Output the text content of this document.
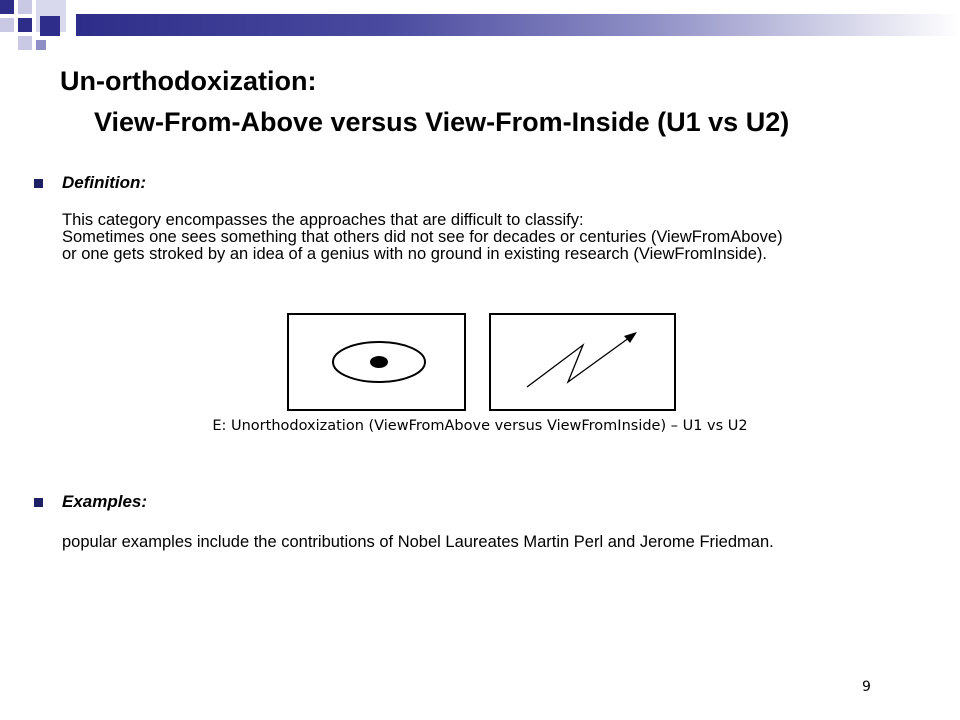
Un-orthodoxization:
View-From-Above versus View-From-Inside (U1 vs U2)
Definition:
This category encompasses the approaches that are difficult to classify:
Sometimes one sees something that others did not see for decades or centuries (ViewFromAbove)
or one gets stroked by an idea of a genius with no ground in existing research (ViewFromInside).
E: Unorthodoxization (ViewFromAbove versus ViewFromInside) – U1 vs U2
Examples:
popular examples include the contributions of Nobel Laureates Martin Perl and Jerome Friedman.
9
